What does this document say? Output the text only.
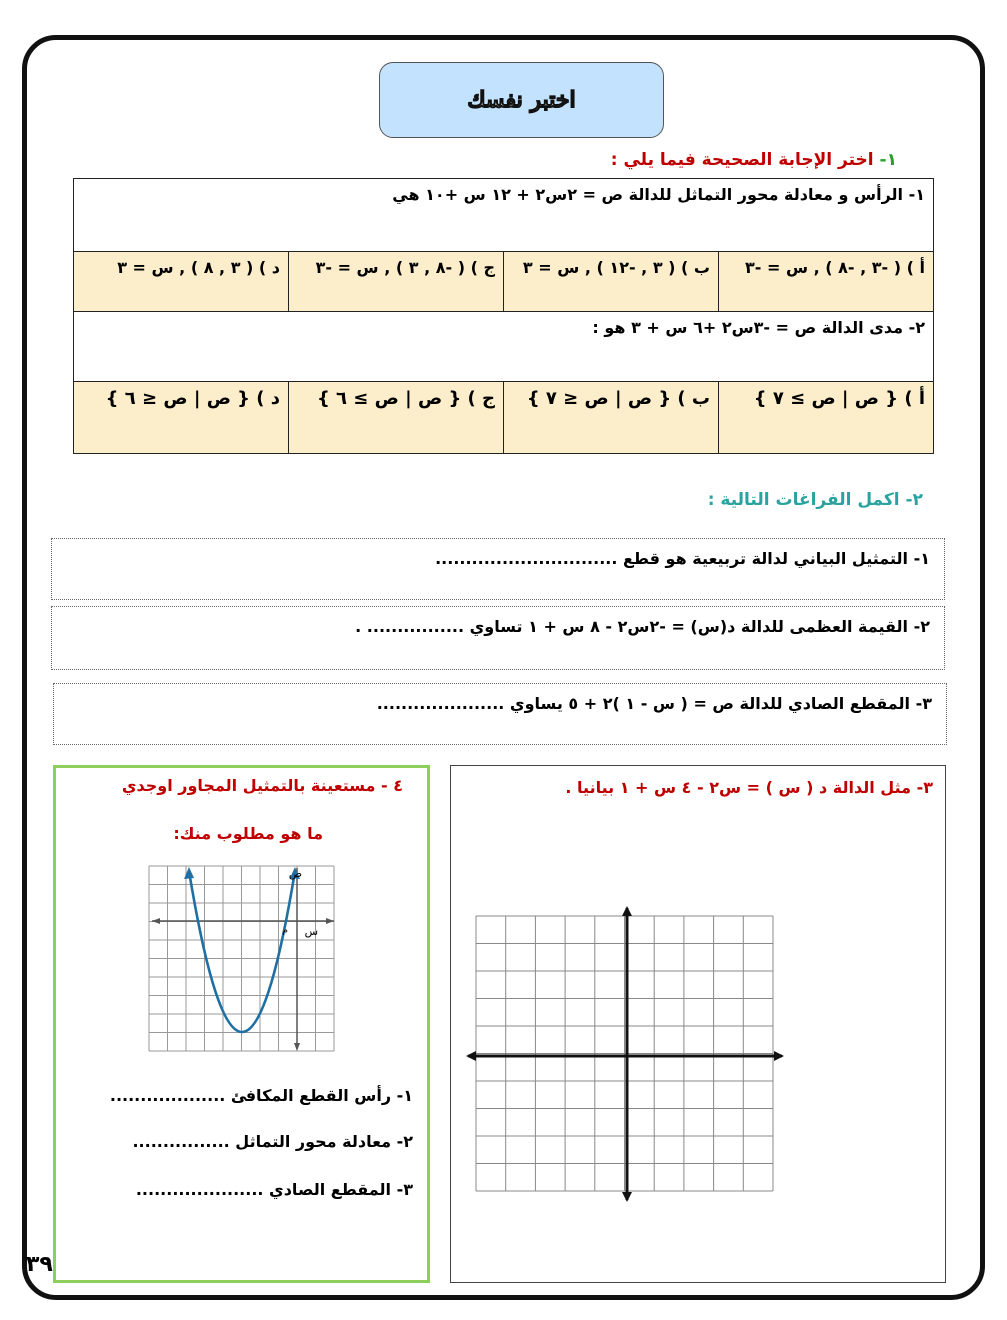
اختبر نفسك
١- اختر الإجابة الصحيحة فيما يلي :
١- الرأس و معادلة محور التماثل للدالة ص = ٢س٢ + ١٢ س +١٠ هي			
أ ) ( -٣ , -٨ ) , س = -٣	ب ) ( ٣ , -١٢ ) , س = ٣	ج ) ( -٨ , ٣ ) , س = -٣	د ) ( ٣ , ٨ ) , س = ٣
٢- مدى الدالة ص = -٣س٢ +٦ س + ٣ هو :			
أ ) { ص | ص ≥ ٧ }	ب ) { ص | ص ≤ ٧ }	ج ) { ص | ص ≥ ٦ }	د ) { ص | ص ≤ ٦ }
٢- اكمل الفراغات التالية :
١- التمثيل البياني لدالة تربيعية هو قطع ..............................
٢- القيمة العظمى للدالة د(س) = -٢س٢ - ٨ س + ١ تساوي ................ .
٣- المقطع الصادي للدالة ص = ( س - ١ )٢ + ٥ يساوي .....................
٤ - مستعينة بالتمثيل المجاور اوجدي
ما هو مطلوب منك:
ص
س
م
١- رأس القطع المكافئ ...................
٢- معادلة محور التماثل ................
٣- المقطع الصادي .....................
٣- مثل الدالة د ( س ) = س٢ - ٤ س + ١ بيانيا .
٣٩
